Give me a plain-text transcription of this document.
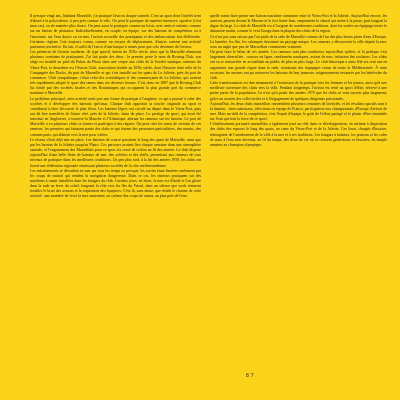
Il presque vingt ans, habitant Marseille, j'ai pratiqué l'aviron chaque samedi. C'est un sport dont l'intérêt tient d'abord à la polyvalence, à peu près comme le vélo. On peut le pratiquer de manière intensive, sportive (c'est mon cas), ou de manière plus douce. On peut aussi le pratiquer comme un loisir, avec amis et enfants, comme sur un bateau de plaisance. Individuellement, en couple, en équipe, sur des bateaux de compétition ou à l'ancienne, sur l'eau douce ou en mer, l'aviron accueille des pratiquants et des embarcations fort différentes. Certaines régions l'ont toujours connu, comme un moyen de déplacement, d'autres comme une activité purement récréative. En fait, il suffit de l'eau et d'une barque à rames pour que cela devienne de l'aviron.

Les prémices de l'aviron moderne, de type sportif, datent du XIXe siècle, alors que la Marseille réunissait plusieurs centaines de pratiquants. J'ai fait partie des deux : le premier porte le nom de Rowing Club, son siège est installé au pied du Palais du Pharo dans une crique aux côtés de la Société nautique, rameurs du Vieux-Port, la deuxième est l'Aviron Club, association fondée au XIXe siècle, dont l'histoire était celle de la Compagnie des Docks, du port de Marseille et qui s'est installé sur les quais de La Joliette, près du port de commerce. Club sympathique, c'était celui des scientifiques et des commerçants de La Joliette, qui avaient très rapidement adopté le sport des rames dans ses diverses formes. C'est donc en 1887 que le Rowing Club fut fondé par des sociétés locales et des Britanniques qui occupaient la plus grande part du commerce maritime à Marseille.

Le problème principal, cette activité avait pris une forme de pratique à l'anglaise, ce qui a poussé à créer des sociétés et à développer des bateaux spéciaux. Chaque club apportait sa touche originale au sport et contribuait à faire découvrir le plan d'eau. Les bateaux légers ont circulé au départ dans le Vieux-Port, puis ont dû être transférés de l'autre côté, près de la Joliette, faute de place. Le prestige du sport, qui avait été introduit en Angleterre, a traversé la Manche et l'Atlantique, attirant les rameurs sur les bassins. Le port de Marseille a vu plusieurs clubs se former et participer à des régates. On peut citer les noms de certains de ces rameurs, les premiers qui faisaient partie des clubs et qui étaient des personnes particulières, des marins, des commerçants, qui allaient vers la mer pour s'aérer.

Le réseau s'était déjà mis en place. Les bateaux de course passaient le long des quais de Marseille, ainsi que par les bassins de la Joliette jusqu'au Pharo. Ces parcours avaient lieu chaque semaine dans une atmosphère amicale, et l'engouement des Marseillais pour ce sport n'a cessé de croître au fil des années. Le club dispose aujourd'hui d'une belle flotte de bateaux de mer, des yolettes et des skiffs, permettant aux rameurs de tous niveaux de pratiquer dans les meilleures conditions. Un peu plus tard, à la fin des années 1950, les clubs ont formé une fédération régionale réunissant plusieurs sociétés de la côte méditerranéenne.

Les entraînements se déroulent en mer par tous les temps ou presque, les sorties étant limitées seulement par les coups de mistral qui rendent la navigation dangereuse. Dans ce cas, les rameurs pratiquent sur des machines à ramer installées dans les hangars du club. Certains jours, en hiver, la mer est d'huile et l'on glisse dans la rade au lever du soleil, longeant la côte vers les îles du Frioul, dans un silence que seuls viennent troubler le bruit des avirons et la respiration des équipiers. C'est là, sans doute, que réside le charme de cette activité : une manière de vivre la mer autrement, au rythme des coups de rames, au plus près de l'eau.

quelle trame faire passer une liaison maritime commune entre le Vieux-Port et la Joliette. Aujourd'hui encore, les rameurs passent devant le Mucem et le fort Saint-Jean, empruntent le chenal qui mène à la passe, puis longent la digue du large. Le club de Marseille est à l'origine de nombreuses traditions, dont les sorties en équipage mixte le dimanche matin, comme le veut l'usage dans la plupart des clubs de la région.

Ce n'est pas sans raison que l'on parle de la rade de Marseille comme de l'un des plus beaux plans d'eau d'Europe. La lumière, les îles, les calanques dessinent un paysage unique. Les rameurs y découvrent la ville depuis la mer, sous un angle que peu de Marseillais connaissent vraiment.

On peut faire le bilan de ces années. Les rameurs sont plus nombreux aujourd'hui qu'hier, et la pratique s'est largement diversifiée : courses en ligne, randonnées nautiques, aviron de mer, initiation des scolaires. Les clubs ont su se renouveler en accueillant un public de plus en plus large. Le club historique a ainsi fêté ses cent ans en organisant une grande régate dans la rade, réunissant des équipages venus de toute la Méditerranée. À cette occasion, les anciens ont pu retrouver les bateaux de leur jeunesse, soigneusement restaurés par les bénévoles du club.

Cette transformation est due notamment à l'extension de la pratique vers les femmes et les jeunes, ainsi qu'à une meilleure ouverture des clubs vers la ville. Pendant longtemps, l'aviron est resté un sport d'élite, réservé à une petite partie de la population. Ce n'est qu'à partir des années 1970 que les clubs se sont ouverts plus largement, grâce au soutien des collectivités et à l'engagement de quelques dirigeants passionnés.

Aujourd'hui, les deux clubs marseillais rassemblent plusieurs centaines de licenciés, et les résultats sportifs sont à la hauteur : titres nationaux, sélections en équipe de France, participation aux championnats d'Europe d'aviron de mer. Mais au-delà de la compétition, c'est l'esprit d'équipe, le goût de l'effort partagé et le plaisir d'être ensemble sur l'eau qui font la force de ce sport.

L'établissement portuaire marseillais a également joué un rôle dans ce développement, en mettant à disposition des clubs des espaces le long des quais, au cœur du Vieux-Port et de la Joliette. Ces lieux, chargés d'histoire, témoignent de l'attachement de la ville à la mer et à ses traditions. Les hangars à bateaux, les pontons et les cales de mise à l'eau sont devenus, au fil du temps, des lieux de vie où se croisent générations et histoires, du simple amateur au champion olympique.

8 7
